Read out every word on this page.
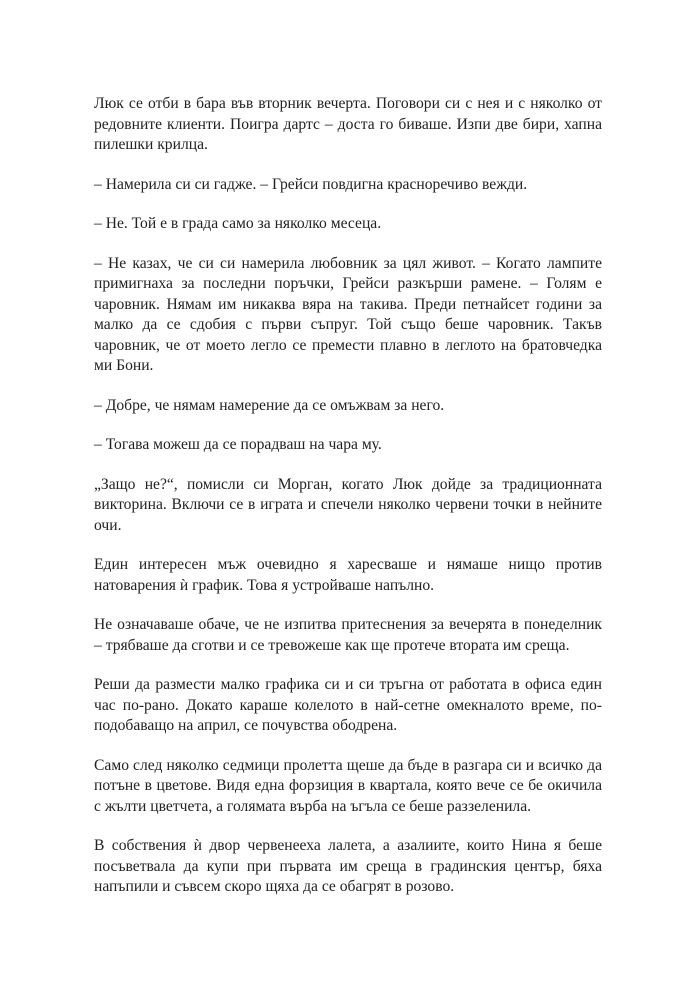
Люк се отби в бара във вторник вечерта. Поговори си с нея и с няколко от редовните клиенти. Поигра дартс – доста го биваше. Изпи две бири, хапна пилешки крилца.

– Намерила си си гадже. – Грейси повдигна красноречиво вежди.

– Не. Той е в града само за няколко месеца.

– Не казах, че си си намерила любовник за цял живот. – Когато лампите примигнаха за последни поръчки, Грейси разкърши рамене. – Голям е чаровник. Нямам им никаква вяра на такива. Преди петнайсет години за малко да се сдобия с първи съпруг. Той също беше чаровник. Такъв чаровник, че от моето легло се премести плавно в леглото на братовчедка ми Бони.

– Добре, че нямам намерение да се омъжвам за него.

– Тогава можеш да се порадваш на чара му.

„Защо не?“, помисли си Морган, когато Люк дойде за традиционната викторина. Включи се в играта и спечели няколко червени точки в нейните очи.

Един интересен мъж очевидно я харесваше и нямаше нищо против натоварения ѝ график. Това я устройваше напълно.

Не означаваше обаче, че не изпитва притеснения за вечерята в понеделник – трябваше да сготви и се тревожеше как ще протече втората им среща.

Реши да размести малко графика си и си тръгна от работата в офиса един час по-рано. Докато караше колелото в най-сетне омекналото време, по-подобаващо на април, се почувства ободрена.

Само след няколко седмици пролетта щеше да бъде в разгара си и всичко да потъне в цветове. Видя една форзиция в квартала, която вече се бе окичила с жълти цветчета, а голямата върба на ъгъла се беше раззеленила.

В собствения ѝ двор червенееха лалета, а азалиите, които Нина я беше посъветвала да купи при първата им среща в градинския център, бяха напъпили и съвсем скоро щяха да се обагрят в розово.
